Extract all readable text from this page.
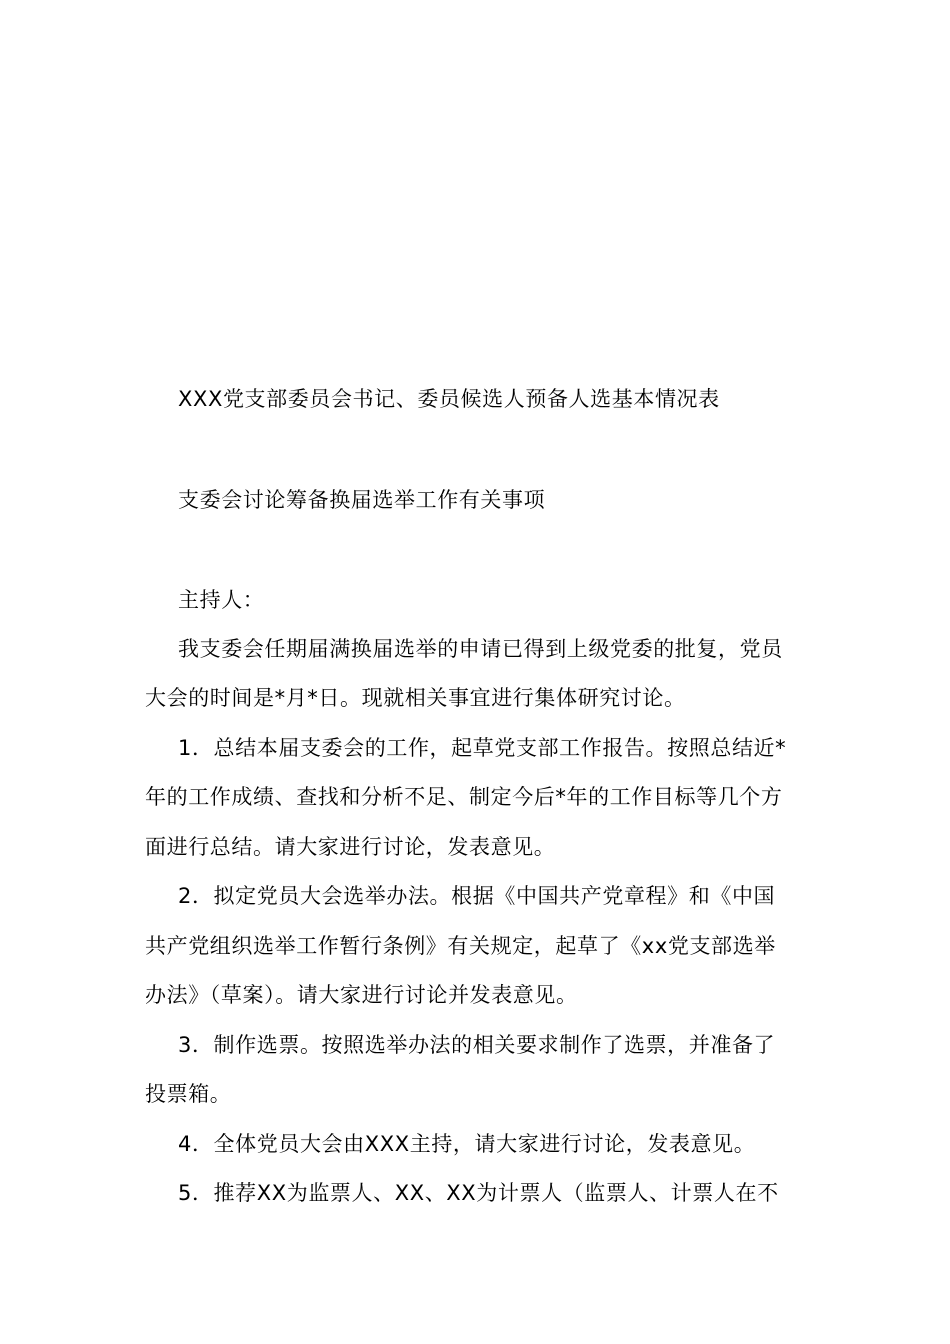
XXX党支部委员会书记、委员候选人预备人选基本情况表
支委会讨论筹备换届选举工作有关事项
主持人：
我支委会任期届满换届选举的申请已得到上级党委的批复，党员
大会的时间是*月*日。现就相关事宜进行集体研究讨论。
1．总结本届支委会的工作，起草党支部工作报告。按照总结近*
年的工作成绩、查找和分析不足、制定今后*年的工作目标等几个方
面进行总结。请大家进行讨论，发表意见。
2．拟定党员大会选举办法。根据《中国共产党章程》和《中国
共产党组织选举工作暂行条例》有关规定，起草了《xx党支部选举
办法》（草案）。请大家进行讨论并发表意见。
3．制作选票。按照选举办法的相关要求制作了选票，并准备了
投票箱。
4．全体党员大会由XXX主持，请大家进行讨论，发表意见。
5．推荐XX为监票人、XX、XX为计票人（监票人、计票人在不
